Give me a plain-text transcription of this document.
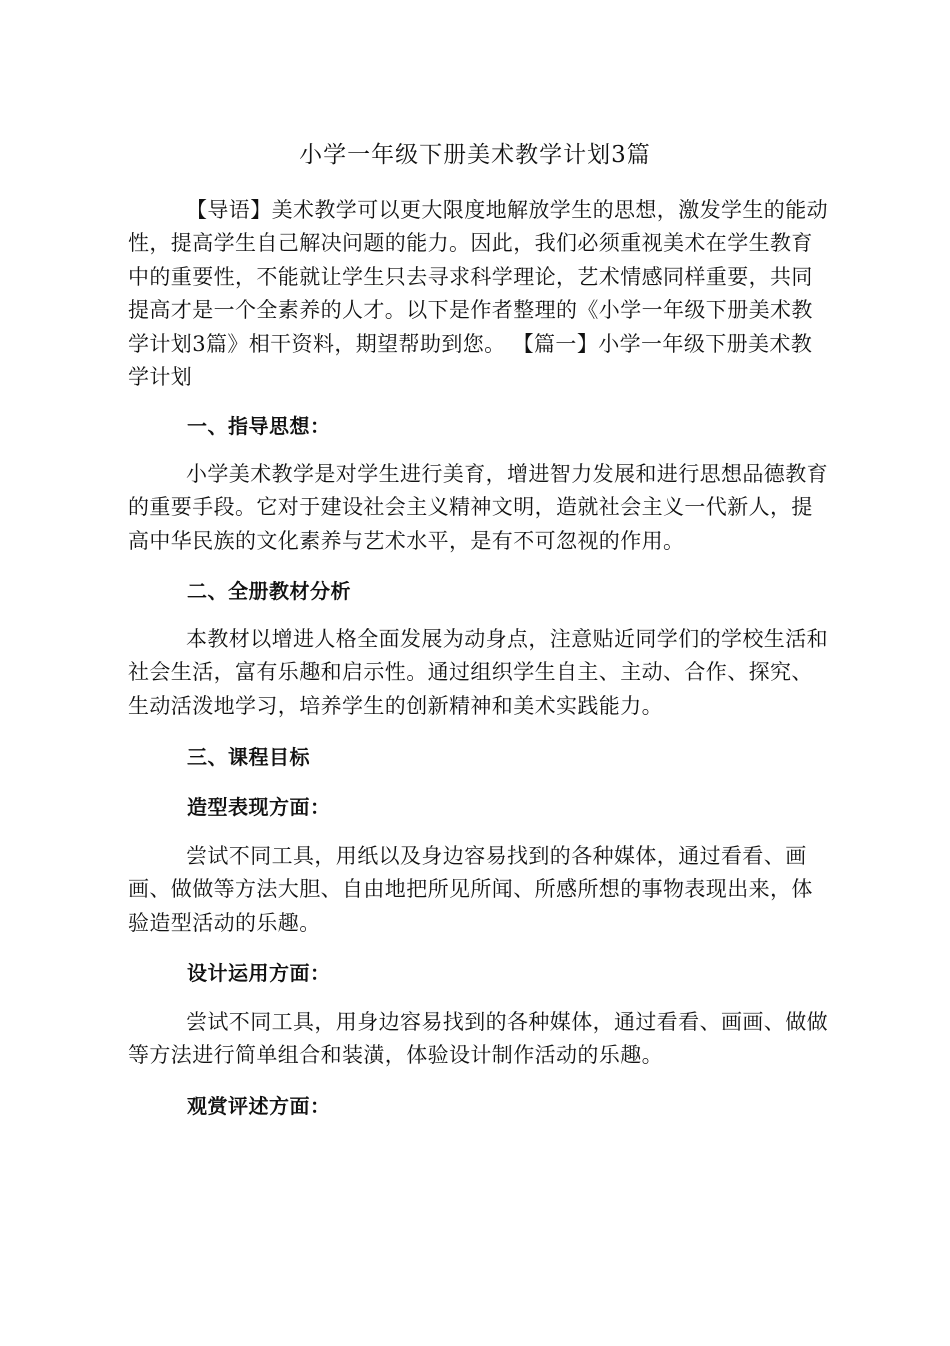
小学一年级下册美术教学计划3篇

【导语】美术教学可以更大限度地解放学生的思想，激发学生的能动性，提高学生自己解决问题的能力。因此，我们必须重视美术在学生教育中的重要性，不能就让学生只去寻求科学理论，艺术情感同样重要，共同提高才是一个全素养的人才。以下是作者整理的《小学一年级下册美术教学计划3篇》相干资料，期望帮助到您。 【篇一】小学一年级下册美术教学计划

一、指导思想：

小学美术教学是对学生进行美育，增进智力发展和进行思想品德教育的重要手段。它对于建设社会主义精神文明，造就社会主义一代新人，提高中华民族的文化素养与艺术水平，是有不可忽视的作用。

二、全册教材分析

本教材以增进人格全面发展为动身点，注意贴近同学们的学校生活和社会生活，富有乐趣和启示性。通过组织学生自主、主动、合作、探究、生动活泼地学习，培养学生的创新精神和美术实践能力。

三、课程目标
造型表现方面：

尝试不同工具，用纸以及身边容易找到的各种媒体，通过看看、画画、做做等方法大胆、自由地把所见所闻、所感所想的事物表现出来，体验造型活动的乐趣。

设计运用方面：

尝试不同工具，用身边容易找到的各种媒体，通过看看、画画、做做等方法进行简单组合和装潢，体验设计制作活动的乐趣。

观赏评述方面：
